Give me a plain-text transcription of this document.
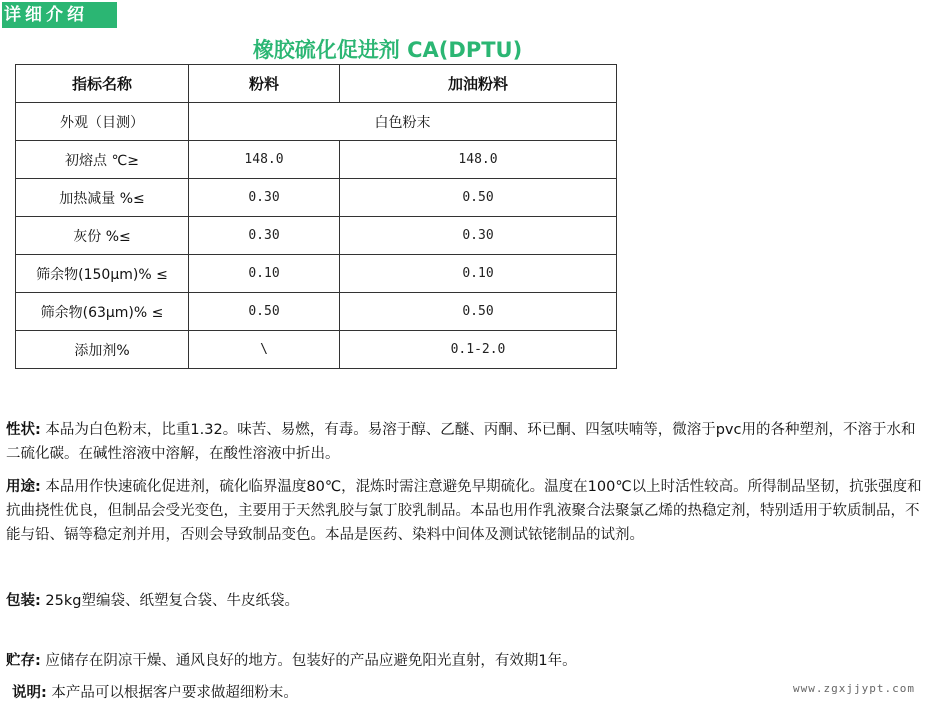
详细介绍
橡胶硫化促进剂 CA(DPTU)
指标名称	粉料	加油粉料
外观（目测）	白色粉末	
初熔点 ℃≥	148.0	148.0
加热减量 %≤	0.30	0.50
灰份 %≤	0.30	0.30
筛余物(150μm)% ≤	0.10	0.10
筛余物(63μm)% ≤	0.50	0.50
添加剂%	\	0.1-2.0
性状: 本品为白色粉末，比重1.32。味苦、易燃，有毒。易溶于醇、乙醚、丙酮、环已酮、四氢呋喃等，微溶于pvc用的各种塑剂，不溶于水和二硫化碳。在碱性溶液中溶解，在酸性溶液中折出。
用途: 本品用作快速硫化促进剂，硫化临界温度80℃，混炼时需注意避免早期硫化。温度在100℃以上时活性较高。所得制品坚韧，抗张强度和抗曲挠性优良，但制品会受光变色，主要用于天然乳胶与氯丁胶乳制品。本品也用作乳液聚合法聚氯乙烯的热稳定剂，特别适用于软质制品，不能与铅、镉等稳定剂并用，否则会导致制品变色。本品是医药、染料中间体及测试铱铑制品的试剂。
包装: 25kg塑编袋、纸塑复合袋、牛皮纸袋。
贮存: 应储存在阴凉干燥、通风良好的地方。包装好的产品应避免阳光直射，有效期1年。
说明: 本产品可以根据客户要求做超细粉末。	www.zgxjjypt.com
